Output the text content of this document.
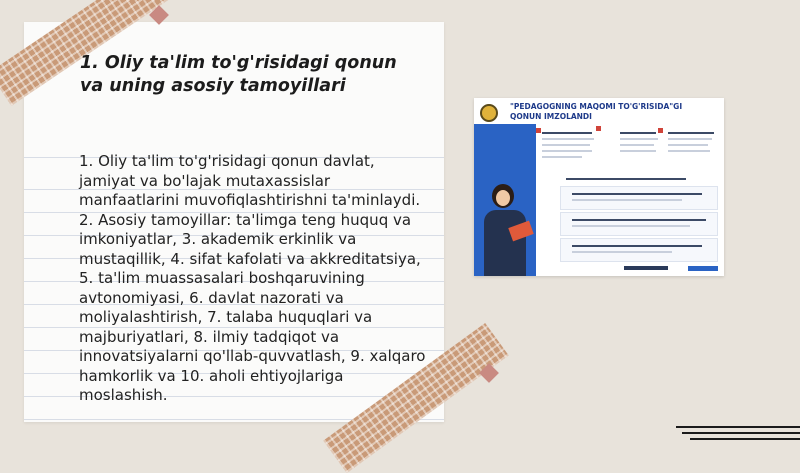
1. Oliy ta'lim to'g'risidagi qonun va uning asosiy tamoyillari

1. Oliy ta'lim to'g'risidagi qonun davlat, jamiyat va bo'lajak mutaxassislar manfaatlarini muvofiqlashtirishni ta'minlaydi. 2. Asosiy tamoyillar: ta'limga teng huquq va imkoniyatlar, 3. akademik erkinlik va mustaqillik, 4. sifat kafolati va akkreditatsiya, 5. ta'lim muassasalari boshqaruvining avtonomiyasi, 6. davlat nazorati va moliyalashtirish, 7. talaba huquqlari va majburiyatlari, 8. ilmiy tadqiqot va innovatsiyalarni qo'llab-quvvatlash, 9. xalqaro hamkorlik va 10. aholi ehtiyojlariga moslashish.

"PEDAGOGNING MAQOMI TO'G'RISIDA"GI QONUN IMZOLANDI
